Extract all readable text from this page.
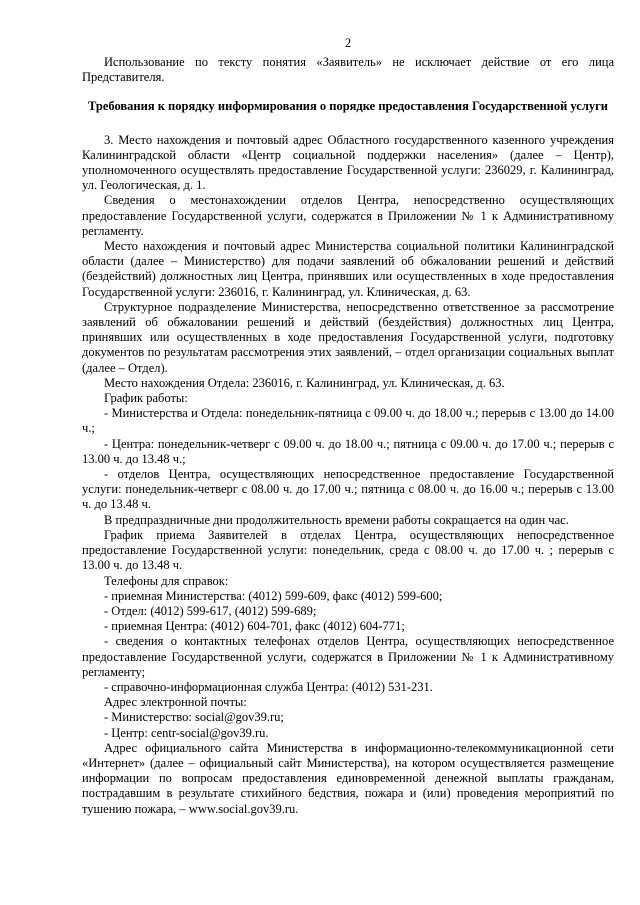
2

Использование по тексту понятия «Заявитель» не исключает действие от его лица Представителя.

Требования к порядку информирования о порядке предоставления Государственной услуги

3. Место нахождения и почтовый адрес Областного государственного казенного учреждения Калининградской области «Центр социальной поддержки населения» (далее – Центр), уполномоченного осуществлять предоставление Государственной услуги: 236029, г. Калининград, ул. Геологическая, д. 1.

Сведения о местонахождении отделов Центра, непосредственно осуществляющих предоставление Государственной услуги, содержатся в Приложении № 1 к Административному регламенту.

Место нахождения и почтовый адрес Министерства социальной политики Калининградской области (далее – Министерство) для подачи заявлений об обжаловании решений и действий (бездействий) должностных лиц Центра, принявших или осуществленных в ходе предоставления Государственной услуги: 236016, г. Калининград, ул. Клиническая, д. 63.

Структурное подразделение Министерства, непосредственно ответственное за рассмотрение заявлений об обжаловании решений и действий (бездействия) должностных лиц Центра, принявших или осуществленных в ходе предоставления Государственной услуги, подготовку документов по результатам рассмотрения этих заявлений, – отдел организации социальных выплат (далее – Отдел).

Место нахождения Отдела: 236016, г. Калининград, ул. Клиническая, д. 63.

График работы:

- Министерства и Отдела: понедельник-пятница с 09.00 ч. до 18.00 ч.; перерыв с 13.00 до 14.00 ч.;

- Центра: понедельник-четверг с 09.00 ч. до 18.00 ч.; пятница с 09.00 ч. до 17.00 ч.; перерыв с 13.00 ч. до 13.48 ч.;

- отделов Центра, осуществляющих непосредственное предоставление Государственной услуги: понедельник-четверг с 08.00 ч. до 17.00 ч.; пятница с 08.00 ч. до 16.00 ч.; перерыв с 13.00 ч. до 13.48 ч.

В предпраздничные дни продолжительность времени работы сокращается на один час.

График приема Заявителей в отделах Центра, осуществляющих непосредственное предоставление Государственной услуги: понедельник, среда с 08.00 ч. до 17.00 ч. ; перерыв с 13.00 ч. до 13.48 ч.

Телефоны для справок:

- приемная Министерства: (4012) 599-609, факс (4012) 599-600;

- Отдел: (4012) 599-617, (4012) 599-689;

- приемная Центра: (4012) 604-701, факс (4012) 604-771;

- сведения о контактных телефонах отделов Центра, осуществляющих непосредственное предоставление Государственной услуги, содержатся в Приложении № 1 к Административному регламенту;

- справочно-информационная служба Центра: (4012) 531-231.

Адрес электронной почты:

- Министерство: social@gov39.ru;

- Центр: centr-social@gov39.ru.

Адрес официального сайта Министерства в информационно-телекоммуникационной сети «Интернет» (далее – официальный сайт Министерства), на котором осуществляется размещение информации по вопросам предоставления единовременной денежной выплаты гражданам, пострадавшим в результате стихийного бедствия, пожара и (или) проведения мероприятий по тушению пожара, – www.social.gov39.ru.
